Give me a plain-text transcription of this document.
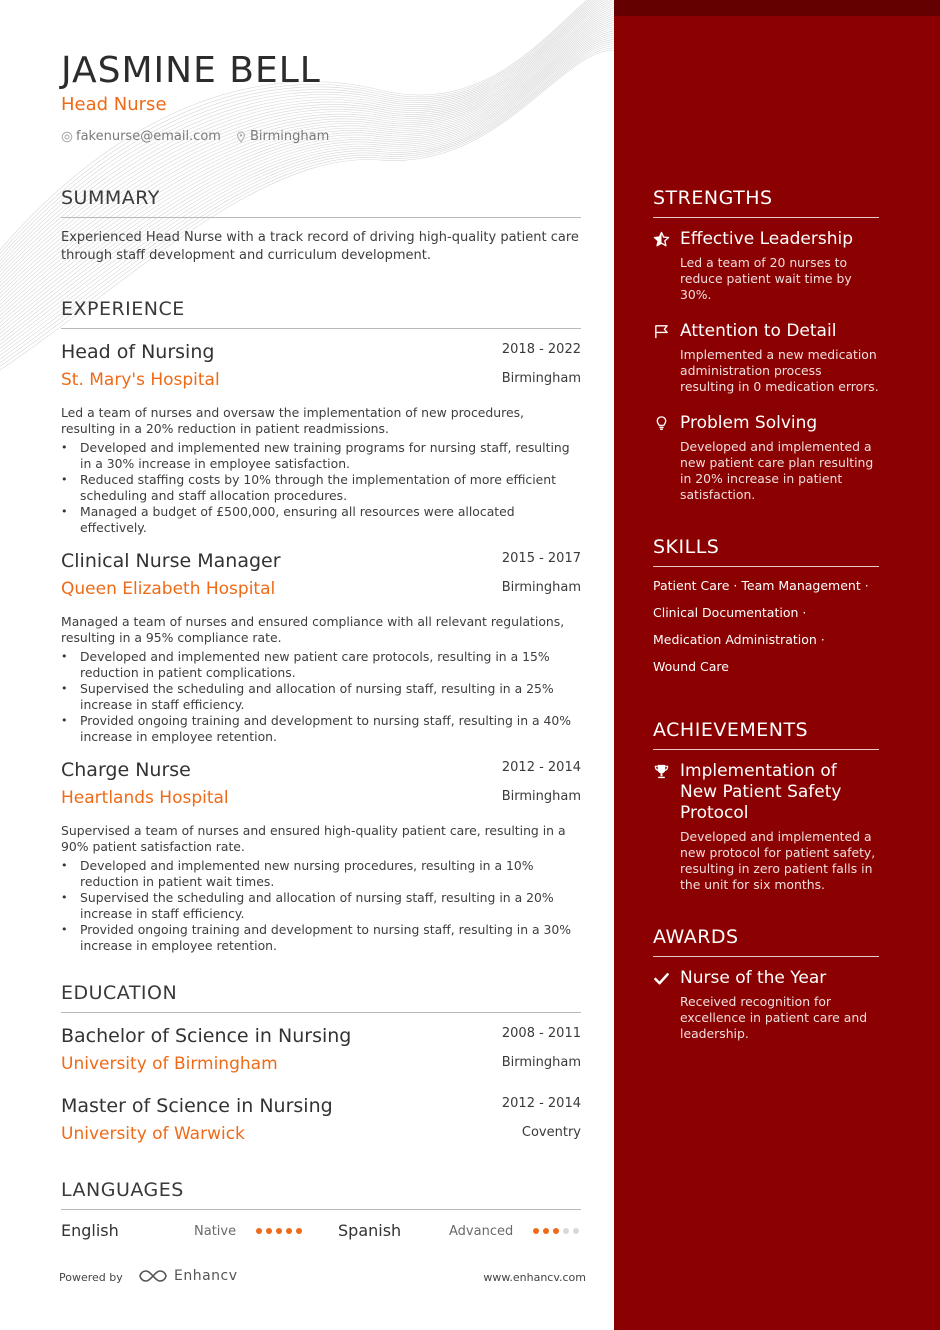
JASMINE BELL
Head Nurse
fakenurse@email.com Birmingham
SUMMARY
Experienced Head Nurse with a track record of driving high-quality patient care through staff development and curriculum development.
EXPERIENCE
Head of Nursing	2018 - 2022
St. Mary's Hospital	Birmingham
Led a team of nurses and oversaw the implementation of new procedures, resulting in a 20% reduction in patient readmissions.
• Developed and implemented new training programs for nursing staff, resulting in a 30% increase in employee satisfaction.
• Reduced staffing costs by 10% through the implementation of more efficient scheduling and staff allocation procedures.
• Managed a budget of £500,000, ensuring all resources were allocated effectively.
Clinical Nurse Manager	2015 - 2017
Queen Elizabeth Hospital	Birmingham
Managed a team of nurses and ensured compliance with all relevant regulations, resulting in a 95% compliance rate.
• Developed and implemented new patient care protocols, resulting in a 15% reduction in patient complications.
• Supervised the scheduling and allocation of nursing staff, resulting in a 25% increase in staff efficiency.
• Provided ongoing training and development to nursing staff, resulting in a 40% increase in employee retention.
Charge Nurse	2012 - 2014
Heartlands Hospital	Birmingham
Supervised a team of nurses and ensured high-quality patient care, resulting in a 90% patient satisfaction rate.
• Developed and implemented new nursing procedures, resulting in a 10% reduction in patient wait times.
• Supervised the scheduling and allocation of nursing staff, resulting in a 20% increase in staff efficiency.
• Provided ongoing training and development to nursing staff, resulting in a 30% increase in employee retention.
EDUCATION
Bachelor of Science in Nursing	2008 - 2011
University of Birmingham	Birmingham
Master of Science in Nursing	2012 - 2014
University of Warwick	Coventry
LANGUAGES
English	Native	Spanish	Advanced
Powered by	Enhancv	www.enhancv.com
STRENGTHS
Effective Leadership
Led a team of 20 nurses to reduce patient wait time by 30%.
Attention to Detail
Implemented a new medication administration process resulting in 0 medication errors.
Problem Solving
Developed and implemented a new patient care plan resulting in 20% increase in patient satisfaction.
SKILLS
Patient Care · Team Management ·
Clinical Documentation ·
Medication Administration ·
Wound Care
ACHIEVEMENTS
Implementation of New Patient Safety Protocol
Developed and implemented a new protocol for patient safety, resulting in zero patient falls in the unit for six months.
AWARDS
Nurse of the Year
Received recognition for excellence in patient care and leadership.
